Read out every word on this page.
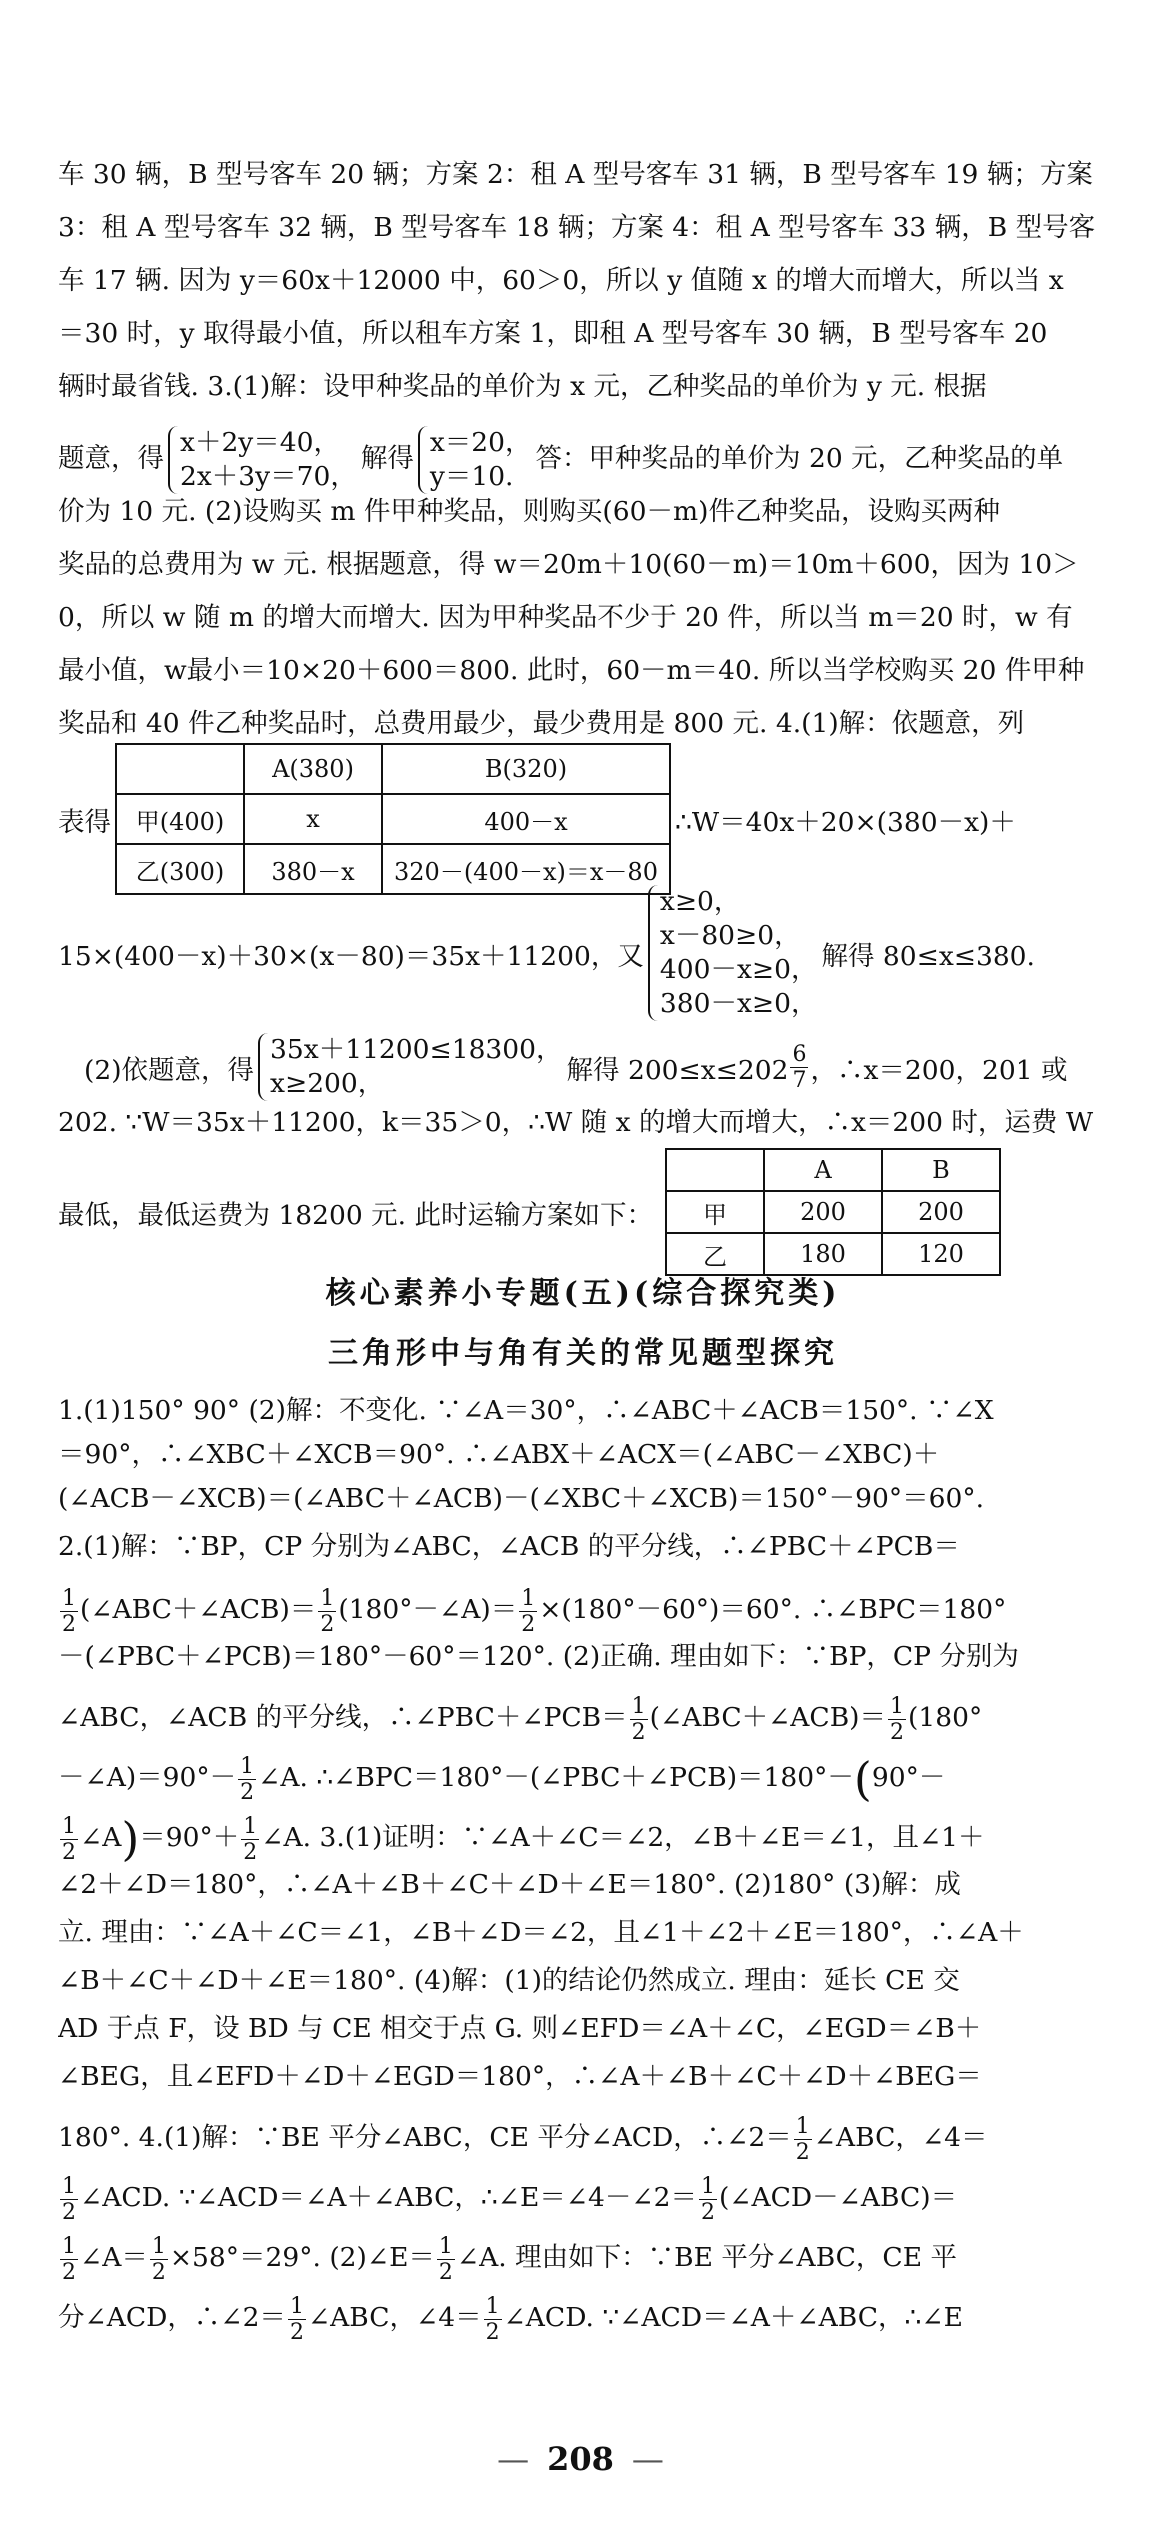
车 30 辆，B 型号客车 20 辆；方案 2：租 A 型号客车 31 辆，B 型号客车 19 辆；方案
3：租 A 型号客车 32 辆，B 型号客车 18 辆；方案 4：租 A 型号客车 33 辆，B 型号客
车 17 辆. 因为 y＝60x＋12000 中，60＞0，所以 y 值随 x 的增大而增大，所以当 x
＝30 时，y 取得最小值，所以租车方案 1，即租 A 型号客车 30 辆，B 型号客车 20
辆时最省钱. 3.(1)解：设甲种奖品的单价为 x 元，乙种奖品的单价为 y 元. 根据
题意，得
x＋2y＝40，
2x＋3y＝70，
解得
x＝20，
y＝10.
答：甲种奖品的单价为 20 元，乙种奖品的单
价为 10 元. (2)设购买 m 件甲种奖品，则购买(60－m)件乙种奖品，设购买两种
奖品的总费用为 w 元. 根据题意，得 w＝20m＋10(60－m)＝10m＋600，因为 10＞
0，所以 w 随 m 的增大而增大. 因为甲种奖品不少于 20 件，所以当 m＝20 时，w 有
最小值，w最小＝10×20＋600＝800. 此时，60－m＝40. 所以当学校购买 20 件甲种
奖品和 40 件乙种奖品时，总费用最少，最少费用是 800 元. 4.(1)解：依题意，列
表得
	A(380)	B(320)
甲(400)	x	400－x
乙(300)	380－x	320－(400－x)＝x－80
∴W＝40x＋20×(380－x)＋
15×(400－x)＋30×(x－80)＝35x＋11200，又
x≥0，
x－80≥0，
400－x≥0，
380－x≥0，
解得 80≤x≤380.
(2)依题意，得
35x＋11200≤18300，
x≥200，	解得 $200\le x\le 202 \frac{6}{7}$ ，∴x＝200，201 或
202. ∵W＝35x＋11200，k＝35＞0，∴W 随 x 的增大而增大，∴x＝200 时，运费 W
最低，最低运费为 18200 元. 此时运输方案如下：
	A	B
甲	200	200
乙	180	120
核心素养小专题(五)(综合探究类)
三角形中与角有关的常见题型探究
1.(1)150° 90° (2)解：不变化. ∵∠A＝30°，∴∠ABC＋∠ACB＝150°. ∵∠X
＝90°，∴∠XBC＋∠XCB＝90°. ∴∠ABX＋∠ACX＝(∠ABC－∠XBC)＋
(∠ACB－∠XCB)＝(∠ABC＋∠ACB)－(∠XBC＋∠XCB)＝150°－90°＝60°.
2.(1)解：∵BP，CP 分别为∠ABC，∠ACB 的平分线，∴∠PBC＋∠PCB＝
$\frac{1}{2}$ (∠ABC＋∠ACB)＝ $\frac{1}{2}$ (180°－∠A)＝ $\frac{1}{2} \times(180^\circ-60^\circ)=60^\circ$. ∴∠BPC＝180°
－(∠PBC＋∠PCB)＝180°－60°＝120°. (2)正确. 理由如下：∵BP，CP 分别为
∠ABC，∠ACB 的平分线，∴∠PBC＋∠PCB＝ $\frac{1}{2}$ (∠ABC＋∠ACB)＝ $\frac{1}{2} (180^\circ$
－∠A)＝90°－ $\frac{1}{2}$ ∠A. ∴∠BPC＝180°－(∠PBC＋∠PCB)＝180°－(90°－
$\frac{1}{2}$ ∠A)＝90°＋ $\frac{1}{2}$ ∠A. 3.(1)证明：∵∠A＋∠C＝∠2，∠B＋∠E＝∠1，且∠1＋
∠2＋∠D＝180°，∴∠A＋∠B＋∠C＋∠D＋∠E＝180°. (2)180° (3)解：成
立. 理由：∵∠A＋∠C＝∠1，∠B＋∠D＝∠2，且∠1＋∠2＋∠E＝180°，∴∠A＋
∠B＋∠C＋∠D＋∠E＝180°. (4)解：(1)的结论仍然成立. 理由：延长 CE 交
AD 于点 F，设 BD 与 CE 相交于点 G. 则∠EFD＝∠A＋∠C，∠EGD＝∠B＋
∠BEG，且∠EFD＋∠D＋∠EGD＝180°，∴∠A＋∠B＋∠C＋∠D＋∠BEG＝
180°. 4.(1)解：∵BE 平分∠ABC，CE 平分∠ACD，∴∠2＝ $\frac{1}{2}$ ∠ABC，∠4＝
$\frac{1}{2}$ ∠ACD. ∵∠ACD＝∠A＋∠ABC，∴∠E＝∠4－∠2＝ $\frac{1}{2}$ (∠ACD－∠ABC)＝
$\frac{1}{2}$ ∠A＝ $\frac{1}{2} \times 58^\circ=29^\circ$. (2)∠E＝ $\frac{1}{2}$ ∠A. 理由如下：∵BE 平分∠ABC，CE 平
分∠ACD，∴∠2＝ $\frac{1}{2}$ ∠ABC，∠4＝ $\frac{1}{2}$ ∠ACD. ∵∠ACD＝∠A＋∠ABC，∴∠E
— 208 —
